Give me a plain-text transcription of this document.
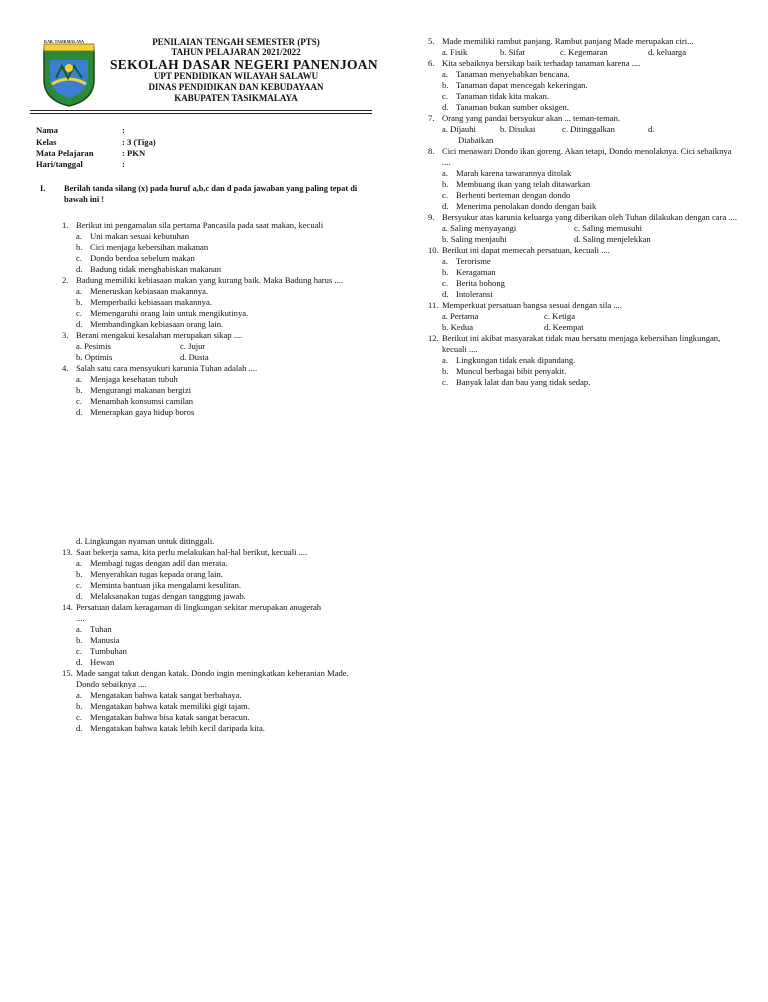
KAB. TASIKMALAYA	PENILAIAN TENGAH SEMESTER (PTS)
TAHUN PELAJARAN 2021/2022
SEKOLAH DASAR NEGERI PANENJOAN
UPT PENDIDIKAN WILAYAH SALAWU
DINAS PENDIDIKAN DAN KEBUDAYAAN
KABUPATEN TASIKMALAYA
Nama	:
Kelas	: 3 (Tiga)
Mata Pelajaran	: PKN
Hari/tanggal	:
I. Berilah tanda silang (x) pada huruf a,b,c dan d pada jawaban yang paling tepat di bawah ini !
1. Berikut ini pengamalan sila pertama Pancasila pada saat makan, kecuali
a. Uni makan sesuai kebutuhan
b. Cici menjaga kebersihan makanan
c. Dondo berdoa sebelum makan
d. Badung tidak menghabiskan makanan
2. Badung memiliki kebiasaan makan yang kurang baik. Maka Badung harus ....
a. Meneruskan kebiasaan makannya.
b. Memperbaiki kebiasaan makannya.
c. Memengaruhi orang lain untuk mengikutinya.
d. Membandingkan kebiasaan orang lain.
3. Berani mengakui kesalahan merupakan sikap ....
a. Pesimis	c. Jujur
b. Optimis	d. Dusta
4. Salah satu cara mensyukuri karunia Tuhan adalah ....
a. Menjaga kesehatan tubuh
b. Mengurangi makanan bergizi
c. Menambah konsumsi camilan
d. Menerapkan gaya hidup boros
5. Made memiliki rambut panjang. Rambut panjang Made merupakan ciri...
a. Fisik	b. Sifat	c. Kegemaran	d. keluarga
6. Kita sebaiknya bersikap baik terhadap tanaman karena ....
a. Tanaman menyebabkan bencana.
b. Tanaman dapat mencegah kekeringan.
c. Tanaman tidak kita makan.
d. Tanaman bukan sumber oksigen.
7. Orang yang pandai bersyukur akan ... teman-teman.
a. Dijauhi	b. Disukai	c. Ditinggalkan	d.
Diabaikan
8. Cici menawari Dondo ikan goreng. Akan tetapi, Dondo menolaknya. Cici sebaiknya ....
a. Marah karena tawarannya ditolak
b. Membuang ikan yang telah ditawarkan
c. Berhenti berteman dengan dondo
d. Menerima penolakan dondo dengan baik
9. Bersyukur atas karunia keluarga yang diberikan oleh Tuhan dilakukan dengan cara ....
a. Saling menyayangi	c. Saling memusuhi
b. Saling menjauhi	d. Saling menjelekkan
10. Berikut ini dapat memecah persatuan, kecuali ....
a. Terorisme
b. Keragaman
c. Berita bohong
d. Intoleransi
11. Memperkuat persatuan bangsa sesuai dengan sila ....
a. Pertama	c. Ketiga
b. Kedua	d. Keempat
12. Berikut ini akibat masyarakat tidak mau bersatu menjaga kebersihan lingkungan, kecuali ....
a. Lingkungan tidak enak dipandang.
b. Muncul berbagai bibit penyakit.
c. Banyak lalat dan bau yang tidak sedap.
d. Lingkungan nyaman untuk ditinggali.
13. Saat bekerja sama, kita perlu melakukan hal-hal berikut, kecuali ....
a. Membagi tugas dengan adil dan merata.
b. Menyerahkan tugas kepada orang lain.
c. Meminta bantuan jika mengalami kesulitan.
d. Melaksanakan tugas dengan tanggung jawab.
14. Persatuan dalam keragaman di lingkungan sekitar merupakan anugerah ....
a. Tuhan
b. Manusia
c. Tumbuhan
d. Hewan
15. Made sangat takut dengan katak. Dondo ingin meningkatkan keberanian Made. Dondo sebaiknya ....
a. Mengatakan bahwa katak sangat berbahaya.
b. Mengatakan bahwa katak memiliki gigi tajam.
c. Mengatakan bahwa bisa katak sangat beracun.
d. Mengatakan bahwa katak lebih kecil daripada kita.
